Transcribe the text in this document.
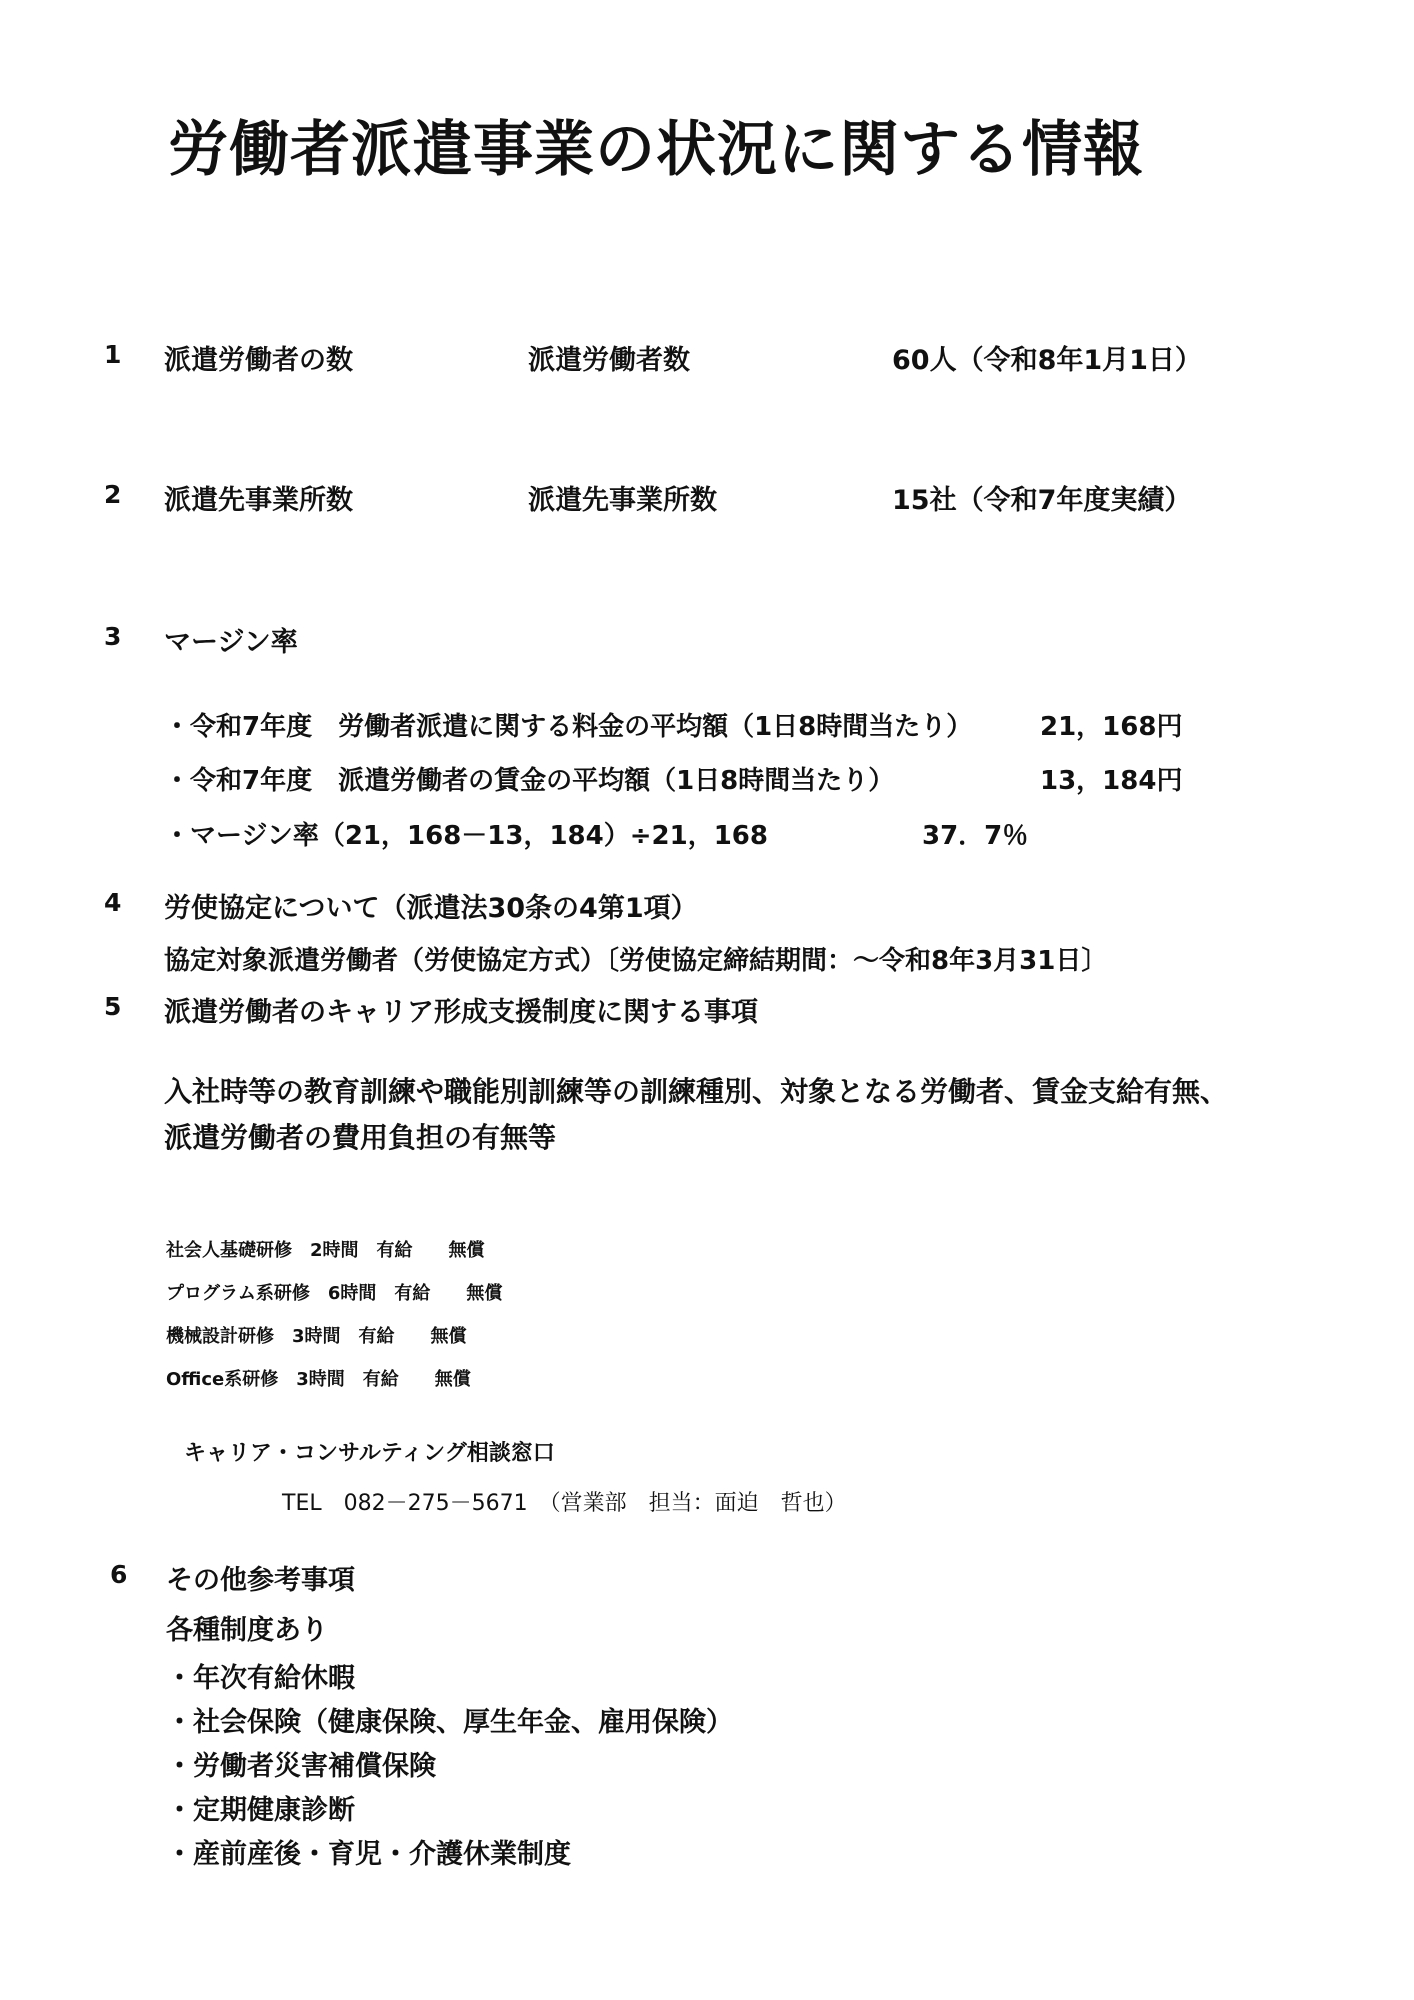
労働者派遣事業の状況に関する情報
1 派遣労働者の数	派遣労働者数	60人（令和8年1月1日）
2 派遣先事業所数	派遣先事業所数	15社（令和7年度実績）
3 マージン率
・令和7年度　労働者派遣に関する料金の平均額（1日8時間当たり）	21，168円
・令和7年度　派遣労働者の賃金の平均額（1日8時間当たり）	13，184円
・マージン率（21，168－13，184）÷21，168	37．7％
4 労使協定について（派遣法30条の4第1項）
協定対象派遣労働者（労使協定方式）〔労使協定締結期間：～令和8年3月31日〕
5 派遣労働者のキャリア形成支援制度に関する事項
入社時等の教育訓練や職能別訓練等の訓練種別、対象となる労働者、賃金支給有無、
派遣労働者の費用負担の有無等
社会人基礎研修　2時間　有給　　無償
プログラム系研修　6時間　有給　　無償
機械設計研修　3時間　有給　　無償
Office系研修　3時間　有給　　無償
キャリア・コンサルティング相談窓口
TEL　082－275－5671　（営業部　担当：面迫　哲也）
6 その他参考事項
各種制度あり
・年次有給休暇
・社会保険（健康保険、厚生年金、雇用保険）
・労働者災害補償保険
・定期健康診断
・産前産後・育児・介護休業制度
